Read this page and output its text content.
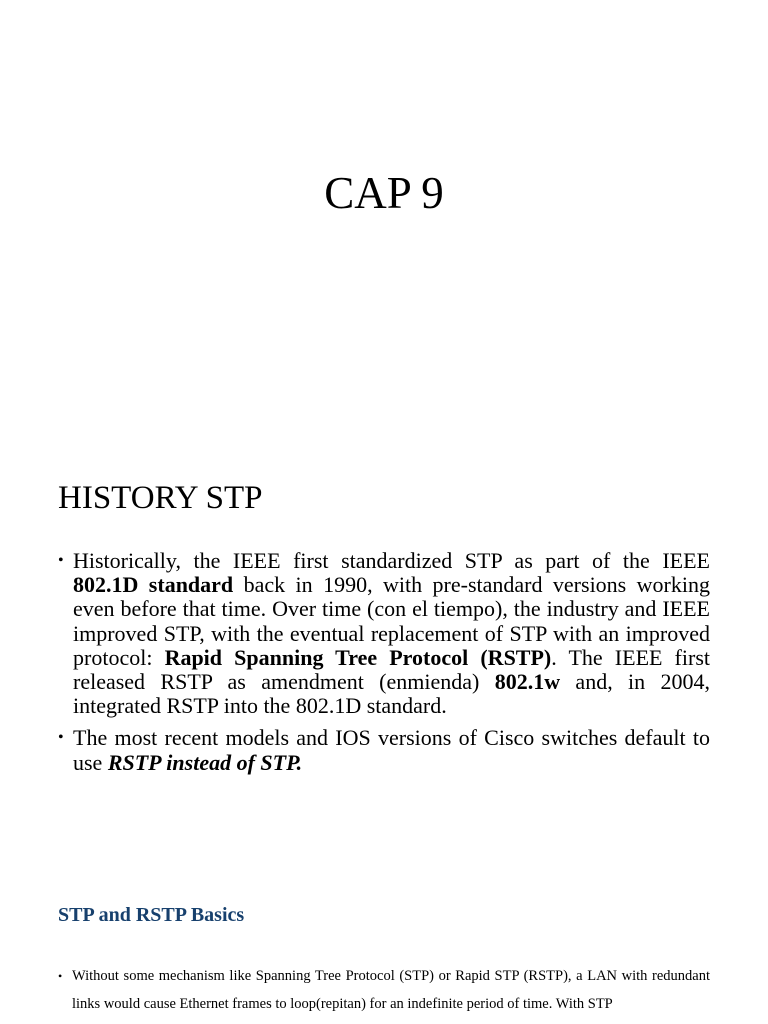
CAP 9
HISTORY STP
• Historically, the IEEE first standardized STP as part of the IEEE 802.1D standard back in 1990, with pre-standard versions working even before that time. Over time (con el tiempo), the industry and IEEE improved STP, with the eventual replacement of STP with an improved protocol: Rapid Spanning Tree Protocol (RSTP). The IEEE first released RSTP as amendment (enmienda) 802.1w and, in 2004, integrated RSTP into the 802.1D standard.
• The most recent models and IOS versions of Cisco switches default to use RSTP instead of STP.
STP and RSTP Basics
• Without some mechanism like Spanning Tree Protocol (STP) or Rapid STP (RSTP), a LAN with redundant links would cause Ethernet frames to loop(repitan) for an indefinite period of time. With STP
